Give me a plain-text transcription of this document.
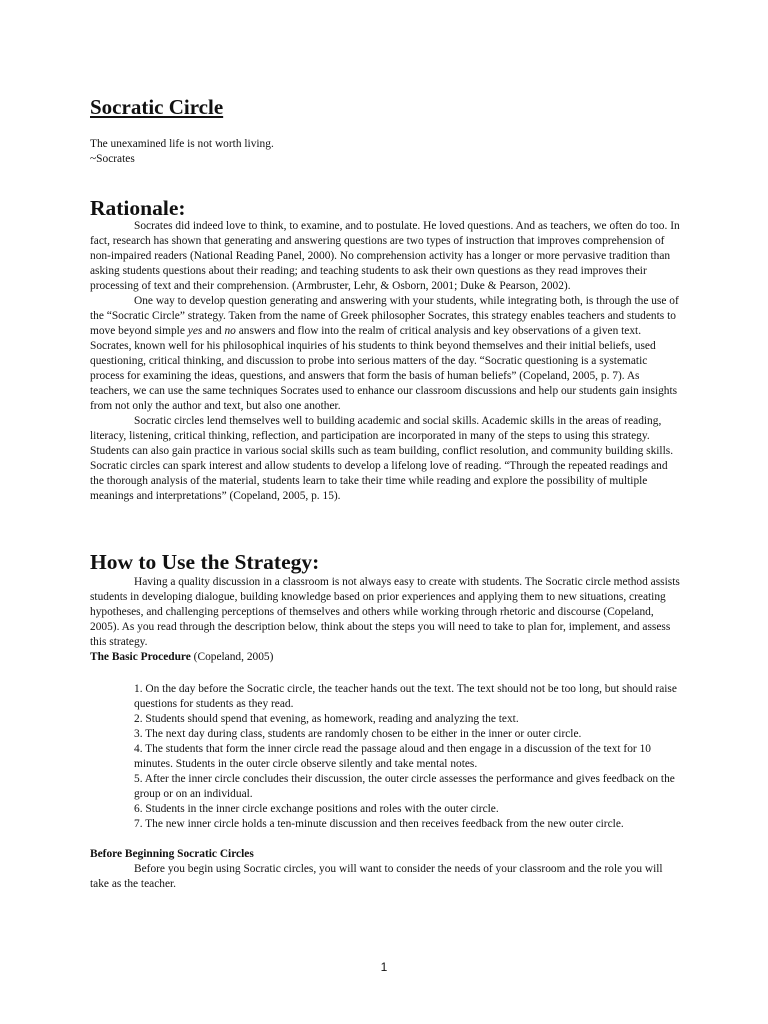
Socratic Circle
The unexamined life is not worth living.
~Socrates
Rationale:

Socrates did indeed love to think, to examine, and to postulate. He loved questions. And as teachers, we often do too. In fact, research has shown that generating and answering questions are two types of instruction that improves comprehension of non-impaired readers (National Reading Panel, 2000). No comprehension activity has a longer or more pervasive tradition than asking students questions about their reading; and teaching students to ask their own questions as they read improves their processing of text and their comprehension. (Armbruster, Lehr, & Osborn, 2001; Duke & Pearson, 2002).

One way to develop question generating and answering with your students, while integrating both, is through the use of the “Socratic Circle” strategy. Taken from the name of Greek philosopher Socrates, this strategy enables teachers and students to move beyond simple yes and no answers and flow into the realm of critical analysis and key observations of a given text. Socrates, known well for his philosophical inquiries of his students to think beyond themselves and their initial beliefs, used questioning, critical thinking, and discussion to probe into serious matters of the day. “Socratic questioning is a systematic process for examining the ideas, questions, and answers that form the basis of human beliefs” (Copeland, 2005, p. 7). As teachers, we can use the same techniques Socrates used to enhance our classroom discussions and help our students gain insights from not only the author and text, but also one another.

Socratic circles lend themselves well to building academic and social skills. Academic skills in the areas of reading, literacy, listening, critical thinking, reflection, and participation are incorporated in many of the steps to using this strategy. Students can also gain practice in various social skills such as team building, conflict resolution, and community building skills. Socratic circles can spark interest and allow students to develop a lifelong love of reading. “Through the repeated readings and the thorough analysis of the material, students learn to take their time while reading and explore the possibility of multiple meanings and interpretations” (Copeland, 2005, p. 15).

How to Use the Strategy:

Having a quality discussion in a classroom is not always easy to create with students. The Socratic circle method assists students in developing dialogue, building knowledge based on prior experiences and applying them to new situations, creating hypotheses, and challenging perceptions of themselves and others while working through rhetoric and discourse (Copeland, 2005). As you read through the description below, think about the steps you will need to take to plan for, implement, and assess this strategy.

The Basic Procedure (Copeland, 2005)
1. On the day before the Socratic circle, the teacher hands out the text. The text should not be too long, but should raise questions for students as they read.
2. Students should spend that evening, as homework, reading and analyzing the text.
3. The next day during class, students are randomly chosen to be either in the inner or outer circle.
4. The students that form the inner circle read the passage aloud and then engage in a discussion of the text for 10 minutes. Students in the outer circle observe silently and take mental notes.
5. After the inner circle concludes their discussion, the outer circle assesses the performance and gives feedback on the group or on an individual.
6. Students in the inner circle exchange positions and roles with the outer circle.
7. The new inner circle holds a ten-minute discussion and then receives feedback from the new outer circle.
Before Beginning Socratic Circles

Before you begin using Socratic circles, you will want to consider the needs of your classroom and the role you will take as the teacher.

1
